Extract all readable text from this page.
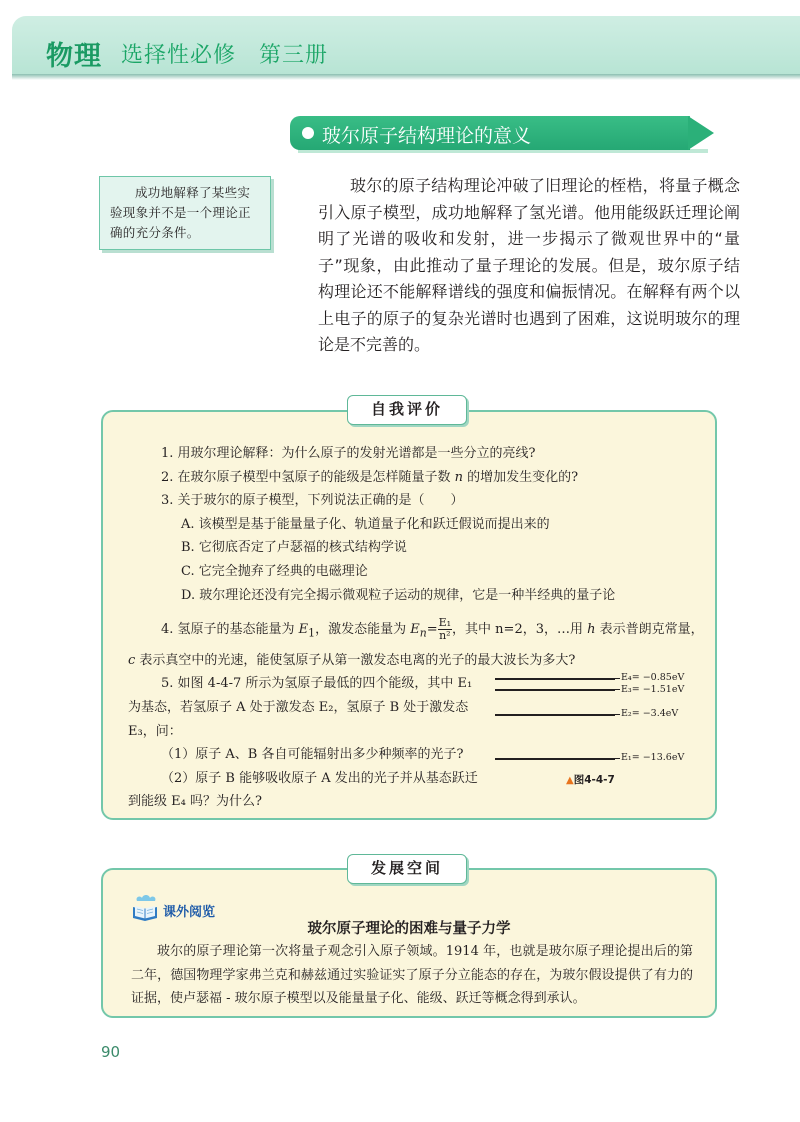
物理 选择性必修　第三册
玻尔原子结构理论的意义

成功地解释了某些实验现象并不是一个理论正确的充分条件。

玻尔的原子结构理论冲破了旧理论的桎梏，将量子概念引入原子模型，成功地解释了氢光谱。他用能级跃迁理论阐明了光谱的吸收和发射，进一步揭示了微观世界中的“量子”现象，由此推动了量子理论的发展。但是，玻尔原子结构理论还不能解释谱线的强度和偏振情况。在解释有两个以上电子的原子的复杂光谱时也遇到了困难，这说明玻尔的理论是不完善的。

自我评价

1. 用玻尔理论解释：为什么原子的发射光谱都是一些分立的亮线?

2. 在玻尔原子模型中氢原子的能级是怎样随量子数 n 的增加发生变化的?

3. 关于玻尔的原子模型，下列说法正确的是（　　）

A. 该模型是基于能量量子化、轨道量子化和跃迁假说而提出来的

B. 它彻底否定了卢瑟福的核式结构学说

C. 它完全抛弃了经典的电磁理论

D. 玻尔理论还没有完全揭示微观粒子运动的规律，它是一种半经典的量子论

4. 氢原子的基态能量为 $E_1$，激发态能量为 $E_n= \frac{\text{E₁}}{\text{n²}}$ ，其中 n=2，3，…用 h 表示普朗克常量，

c 表示真空中的光速，能使氢原子从第一激发态电离的光子的最大波长为多大?

5. 如图 4-4-7 所示为氢原子最低的四个能级，其中 E₁

为基态，若氢原子 A 处于激发态 E₂，氢原子 B 处于激发态

E₃，问：

（1）原子 A、B 各自可能辐射出多少种频率的光子?

（2）原子 B 能够吸收原子 A 发出的光子并从基态跃迁

到能级 E₄ 吗？为什么?

E₄= −0.85eV
E₃= −1.51eV
E₂= −3.4eV
E₁= −13.6eV
▲图4-4-7
发展空间
课外阅览
玻尔原子理论的困难与量子力学

玻尔的原子理论第一次将量子观念引入原子领域。1914 年，也就是玻尔原子理论提出后的第二年，德国物理学家弗兰克和赫兹通过实验证实了原子分立能态的存在，为玻尔假设提供了有力的证据，使卢瑟福 - 玻尔原子模型以及能量量子化、能级、跃迁等概念得到承认。

90
